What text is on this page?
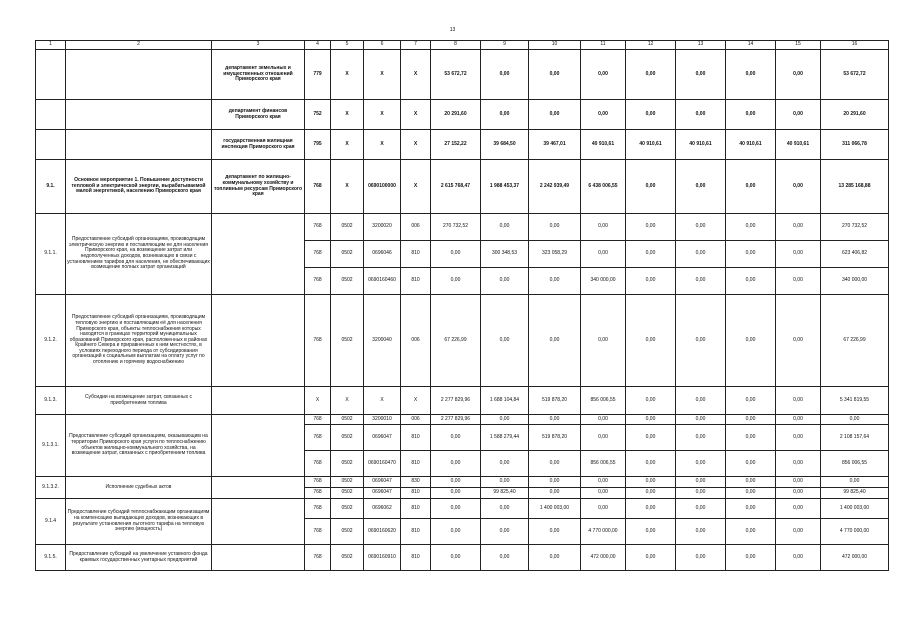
13
1	2	3	4	5	6	7	8	9	10	11	12	13	14	15	16
		департамент земельных и имущественных отношений Приморского края	779	Х	Х	Х	53 672,72	0,00	0,00	0,00	0,00	0,00	0,00	0,00	53 672,72
		департамент финансов Приморского края	752	Х	Х	Х	20 291,60	0,00	0,00	0,00	0,00	0,00	0,00	0,00	20 291,60
		государственная жилищная инспекция Приморского края	795	Х	Х	Х	27 152,22	39 684,50	39 467,01	40 910,61	40 910,61	40 910,61	40 910,61	40 910,61	311 066,78
9.1.	Основное мероприятие 1. Повышение доступности тепловой и электрической энергии, вырабатываемой малой энергетикой, населению Приморского края	департамент по жилищно-коммунальному хозяйству и топливным ресурсам Приморского края	768	Х	0690100000	Х	2 615 768,47	1 988 453,37	2 242 939,49	6 438 006,55	0,00	0,00	0,00	0,00	13 285 168,88
9.1.1.	Предоставление субсидий организациям, производящим электрическую энергию и поставляющим ее для населения Приморского края, на возмещение затрат или недополученных доходов, возникающих в связи с установлением тарифов для населения, не обеспечивающих возмещение полных затрат организаций		768	0502	3200020	006	270 732,52	0,00	0,00	0,00	0,00	0,00	0,00	0,00	270 732,52
			768	0502	0696046	810	0,00	300 348,53	323 058,29	0,00	0,00	0,00	0,00	0,00	623 406,82
			768	0502	0690160460	810	0,00	0,00	0,00	340 000,00	0,00	0,00	0,00	0,00	340 000,00
9.1.2.	Предоставление субсидий организациям, производящим тепловую энергию и поставляющим её для населения Приморского края, объекты теплоснабжения которых находятся в границах территорий муниципальных образований Приморского края, расположенных в районах Крайнего Севера и приравненных к ним местностях, в условиях переходного периода от субсидирования организаций к социальным выплатам на оплату услуг по отоплению и горячему водоснабжению		768	0502	3200040	006	67 226,99	0,00	0,00	0,00	0,00	0,00	0,00	0,00	67 226,99
9.1.3.	Субсидии на возмещение затрат, связанных с приобретением топлива		Х	Х	Х	Х	2 277 829,96	1 688 104,84	519 878,20	856 006,55	0,00	0,00	0,00	0,00	5 341 819,55
9.1.3.1.	Предоставление субсидий организациям, оказывающим на территории Приморского края услуги по теплоснабжению объектов жилищно-коммунального хозяйства, на возмещение затрат, связанных с приобретением топлива		768	0502	3200010	006	2 277 829,96	0,00	0,00	0,00	0,00	0,00	0,00	0,00	0,00
			768	0502	0696047	810	0,00	1 588 279,44	519 878,20	0,00	0,00	0,00	0,00	0,00	2 108 157,64
			768	0502	0690160470	810	0,00	0,00	0,00	856 006,55	0,00	0,00	0,00	0,00	856 006,55
9.1.3.2.	Исполнение судебных актов		768	0502	0696047	830	0,00	0,00	0,00	0,00	0,00	0,00	0,00	0,00	0,00
			768	0502	0696047	810	0,00	99 825,40	0,00	0,00	0,00	0,00	0,00	0,00	99 825,40
9.1.4	Предоставление субсидий теплоснабжающим организациям на компенсацию выпадающих доходов, возникающих в результате установления льготного тарифа на тепловую энергию (мощность)		768	0502	0696062	810	0,00	0,00	1 400 003,00	0,00	0,00	0,00	0,00	0,00	1 400 003,00
			768	0502	0690160620	810	0,00	0,00	0,00	4 770 000,00	0,00	0,00	0,00	0,00	4 770 000,00
9.1.5.	Предоставление субсидий на увеличение уставного фонда краевых государственных унитарных предприятий		768	0502	0690160910	810	0,00	0,00	0,00	472 000,00	0,00	0,00	0,00	0,00	472 000,00
